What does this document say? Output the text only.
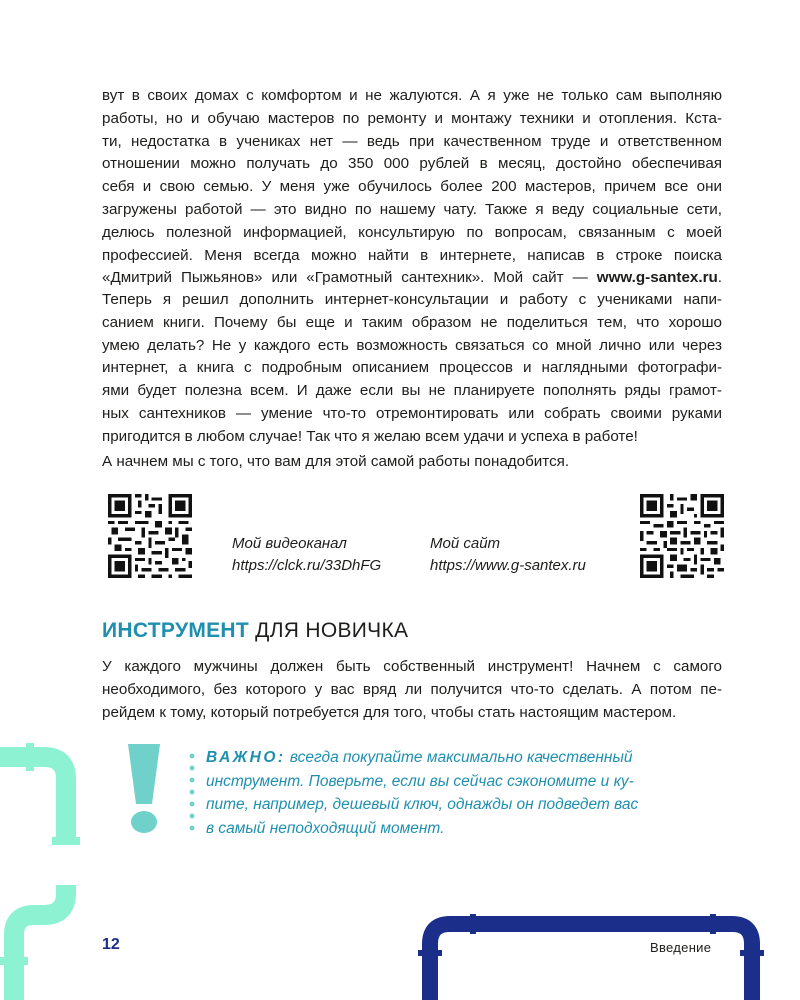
вут в своих домах с комфортом и не жалуются. А я уже не только сам выполняю
работы, но и обучаю мастеров по ремонту и монтажу техники и отопления. Кста-
ти, недостатка в учениках нет — ведь при качественном труде и ответственном
отношении можно получать до 350 000 рублей в месяц, достойно обеспечивая
себя и свою семью. У меня уже обучилось более 200 мастеров, причем все они
загружены работой — это видно по нашему чату. Также я веду социальные сети,
делюсь полезной информацией, консультирую по вопросам, связанным с моей
профессией. Меня всегда можно найти в интернете, написав в строке поиска
«Дмитрий Пыжьянов» или «Грамотный сантехник». Мой сайт — www.g-santex.ru.

Теперь я решил дополнить интернет-консультации и работу с учениками напи-
санием книги. Почему бы еще и таким образом не поделиться тем, что хорошо
умею делать? Не у каждого есть возможность связаться со мной лично или через
интернет, а книга с подробным описанием процессов и наглядными фотографи-
ями будет полезна всем. И даже если вы не планируете пополнять ряды грамот-
ных сантехников — умение что-то отремонтировать или собрать своими руками
пригодится в любом случае! Так что я желаю всем удачи и успеха в работе!

А начнем мы с того, что вам для этой самой работы понадобится.

Мой видеоканал
https://clck.ru/33DhFG
Мой сайт
https://www.g-santex.ru
ИНСТРУМЕНТ ДЛЯ НОВИЧКА

У каждого мужчины должен быть собственный инструмент! Начнем с самого
необходимого, без которого у вас вряд ли получится что-то сделать. А потом пе-
рейдем к тому, который потребуется для того, чтобы стать настоящим мастером.

ВАЖНО: всегда покупайте максимально качественный
инструмент. Поверьте, если вы сейчас сэкономите и ку-
пите, например, дешевый ключ, однажды он подведет вас
в самый неподходящий момент.

12	Введение
